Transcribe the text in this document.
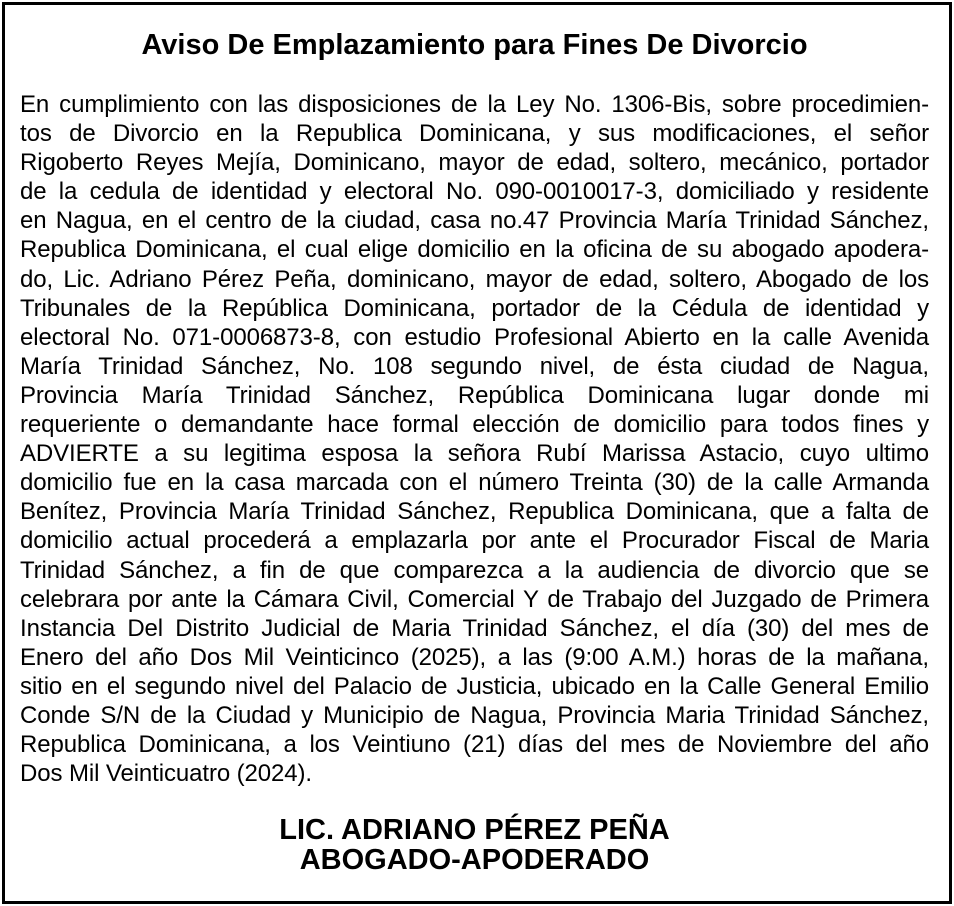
Aviso De Emplazamiento para Fines De Divorcio
En cumplimiento con las disposiciones de la Ley No. 1306-Bis, sobre procedimien-
tos de Divorcio en la Republica Dominicana, y sus modificaciones, el señor
Rigoberto Reyes Mejía, Dominicano, mayor de edad, soltero, mecánico, portador
de la cedula de identidad y electoral No. 090-0010017-3, domiciliado y residente
en Nagua, en el centro de la ciudad, casa no.47 Provincia María Trinidad Sánchez,
Republica Dominicana, el cual elige domicilio en la oficina de su abogado apodera-
do, Lic. Adriano Pérez Peña, dominicano, mayor de edad, soltero, Abogado de los
Tribunales de la República Dominicana, portador de la Cédula de identidad y
electoral No. 071-0006873-8, con estudio Profesional Abierto en la calle Avenida
María Trinidad Sánchez, No. 108 segundo nivel, de ésta ciudad de Nagua,
Provincia María Trinidad Sánchez, República Dominicana lugar donde mi
requeriente o demandante hace formal elección de domicilio para todos fines y
ADVIERTE a su legitima esposa la señora Rubí Marissa Astacio, cuyo ultimo
domicilio fue en la casa marcada con el número Treinta (30) de la calle Armanda
Benítez, Provincia María Trinidad Sánchez, Republica Dominicana, que a falta de
domicilio actual procederá a emplazarla por ante el Procurador Fiscal de Maria
Trinidad Sánchez, a fin de que comparezca a la audiencia de divorcio que se
celebrara por ante la Cámara Civil, Comercial Y de Trabajo del Juzgado de Primera
Instancia Del Distrito Judicial de Maria Trinidad Sánchez, el día (30) del mes de
Enero del año Dos Mil Veinticinco (2025), a las (9:00 A.M.) horas de la mañana,
sitio en el segundo nivel del Palacio de Justicia, ubicado en la Calle General Emilio
Conde S/N de la Ciudad y Municipio de Nagua, Provincia Maria Trinidad Sánchez,
Republica Dominicana, a los Veintiuno (21) días del mes de Noviembre del año
Dos Mil Veinticuatro (2024).
LIC. ADRIANO PÉREZ PEÑA
ABOGADO-APODERADO
